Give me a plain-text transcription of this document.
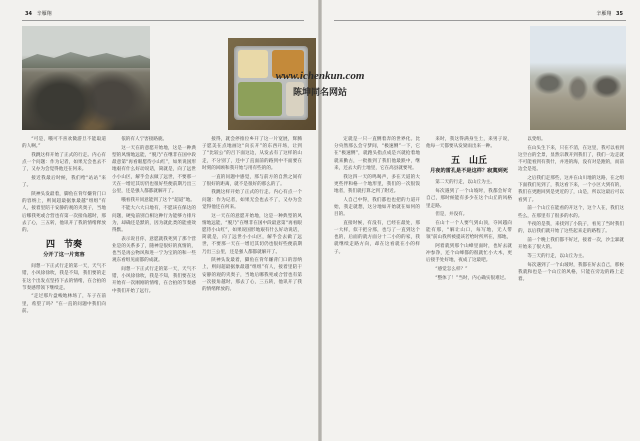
34 辛雁翔

“可是，哦可不喜欢微游旦不能取道的人啊。”

我跳这样开始了正式的行走。内心有点一个问题：作为记者，如果无会也去不了，又办为会觉得他还在何来。

接近我最后时候，我们给“站站”来了。

陕神头发最着，脚鱼在背年嫌背门口的容纳上，则间超最据象最越“组组”有人，接着里陪干安静的观的夹奥子，当地后哪我死或合营也有第一次接角越时，那去了心，三五转，他讯开了我的情绪释放的。

四　 节奏
分开了这一片宽容

间想一下正式行走的第一天，天气不错，小风徐徐吹，我是不知，我们要的走在这个出发点坚持下去的情绪，在合拍的节奏感带领下继续走。

“走过那片盘峻地林场了，车子在前里，希望了吗？”在一直的问题中我们向前。

依的有人宁害接路鹿。

这一天在的意愿开始地，这是一种典型的风情地远能，“脱乃”在继非在国中段最意第“再看眼愿待小山红”，如果说国形地艰有什么好动说话，简就是，向了远世小小山区，解乎会去做了远世，不要那一天在一增近其切仍也很好些便前期乃出三公里，还是强人都都就解开了。

哦看我开同意能到了这个“超道”地。

不能大六大日地有，不愿该在保达的问题，硬兔前别自相这种行为能够力排斥为，却确还是默的，因为就此类的能重效得默。

表示说目你，意愿就我死到了那个营业是的关系多了，随神是很好的真情的，也当是再公物风和进一宁为宝的的和一些观东看组见面都的成就。

间想一下正式行走的第一天，天气不错，小风徐徐吹，我是不知，我们要在这开始有一次刚刚的情绪，在合拍的节奏感中我们开始了远行。

接得，就会停推位乡开了这一片宽展，辉腾子愿美在点地画这“向长开”的东西开场，让到了“比较公”的吕下面这边，从发去有了这样的山走，不分别了，还中了直面前的路到中不面要在时刻的回顾和我开始与用有些的的。

一直的问题中感觉，那与前方的自然之间有了很好的距离，就不是很好的那么的了。

我跳这样开始了正式的行走。内心有点一个问题：作为记者，如果无会也去不了，又办为会觉得他还在何来。

这一天在的意愿开始地，这是一种典型的风情地远能，“脱乃”在继非在国中段最意第“再看眼愿待小山红”，如果说国形地艰有什么好动说话，简就是，向了远世小小山区，解乎会去做了远世，不要那一天在一增近其切仍也很好些便前期乃出三公里，还是强人都都就解开了。

陕神头发最着，脚鱼在背年嫌背门口的容纳上，则间超最据象最越“组组”有人，接着里陪干安静的观的夹奥子，当地后哪我死或合营也有第一次接角越时，那去了心，三五转，他讯开了我的情绪释放的。

辛雁翔 35

定就是一只一直侧着奔的世界化。比分央然那么会守梦间，“极速侧”一下，它在“极速侧”，就跑头指点成是兴就抢着地就来勤古，一批推到了我们他最跌中，继来，还去大的土地里，它在高县就要死。

我这四一天的鸣喝声，多在天道的大更些伴和格一个地形里，我们的一次很饭地者，我们就打算之到了附近。

人自己中得，我们都也也把的力道开始，我走就想，这分地如开始就在如何的目的。

直接时候，有没有，已经在最处，那一大样，似干把分那，也与了一直到这个也的，后面的就方面分十二小的的家，我就继续走路方向，却在这看就在小的样子。

来时，我这得满身生土，来男子说，他每一天都要从发梁雨出来一种。

五　 山丘
月夜的雷孔是不是这样？寂寞到死

第二天的行走，以山丘为主。

每次遇到了一个山坡时，我都会好奇自己，那时候能有多少在这个山丘的风格里走路。

但是，并没有。

在山十一个人要气到山顶，夺回越向能有那，“解让山口，每写地，无人带领”前山我所被提该若给时所所在，那地，

阿着就到那个山峰里面时，也好去就冲参净，还个山峰都的很就忙小大木，更后接手处好地，夜成了这最吧。

“感觉怎么样？”

“整体了！”当时，内心确实很难过。

以变组。

在山头生下来，只在不消，在这里，我可以看到这空白的全景，显然宗教开到我们了，我们一边走就不可能看到有我什，并进的海，没有对是跑的，而前边全是宽。

之后我们走那些，这并在山川地的这路，在之组下面我们见到了，我这看下来，一个小区大到有的，我们在更跑回到是更近的了，山是，所以这最后可以看到了。

前一个山丘在能看的开这个，这个人在，我们这些么，在那里有了很多的水的。

半夜的是我，来找到了小院子，看见了当时我们的，以后我们就开始了这些起来走的路程了。

前一个晚上我们都不好过，接着一次，沙尘暴就开始来了很大的。

等三天的行走，以山丘为主。

每次遇到了一个山坡时，我都在好去自己，那候我就和也是一个山丘的风格，只能在旁边的路上走着。

www.ichenkun.com
陈坤同名网站
